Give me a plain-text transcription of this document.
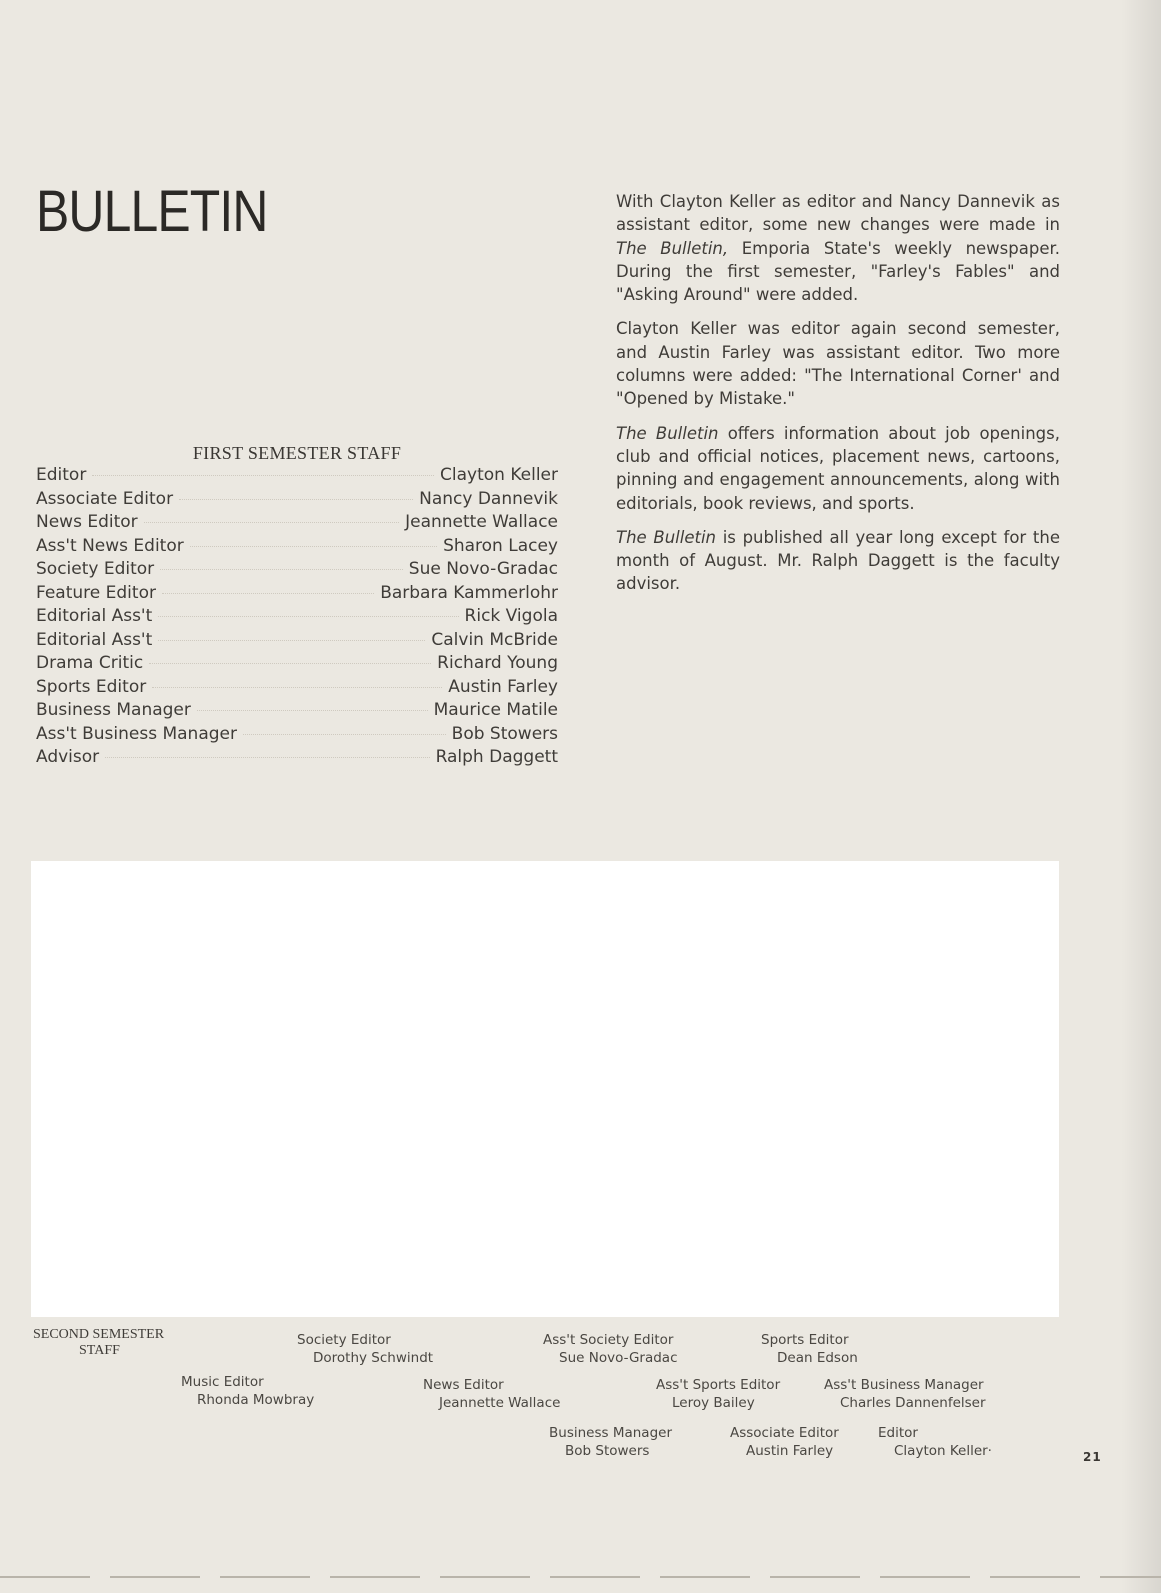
BULLETIN
FIRST SEMESTER STAFF
Editor	Clayton Keller
Associate Editor	Nancy Dannevik
News Editor	Jeannette Wallace
Ass't News Editor	Sharon Lacey
Society Editor	Sue Novo-Gradac
Feature Editor	Barbara Kammerlohr
Editorial Ass't	Rick Vigola
Editorial Ass't	Calvin McBride
Drama Critic	Richard Young
Sports Editor	Austin Farley
Business Manager	Maurice Matile
Ass't Business Manager	Bob Stowers
Advisor	Ralph Daggett

With Clayton Keller as editor and Nancy Dannevik as assistant editor, some new changes were made in The Bulletin, Emporia State's weekly newspaper. During the first semester, "Farley's Fables" and "Asking Around" were added.

Clayton Keller was editor again second semester, and Austin Farley was assistant editor. Two more columns were added: "The International Corner' and "Opened by Mistake."

The Bulletin offers information about job openings, club and official notices, placement news, cartoons, pinning and engagement announcements, along with editorials, book reviews, and sports.

The Bulletin is published all year long except for the month of August. Mr. Ralph Daggett is the faculty advisor.

SECOND SEMESTER
STAFF
Society Editor
Dorothy Schwindt
Ass't Society Editor
Sue Novo-Gradac
Sports Editor
Dean Edson
Music Editor
Rhonda Mowbray
News Editor
Jeannette Wallace
Ass't Sports Editor
Leroy Bailey
Ass't Business Manager
Charles Dannenfelser
Business Manager
Bob Stowers
Associate Editor
Austin Farley
Editor
Clayton Keller·	21
